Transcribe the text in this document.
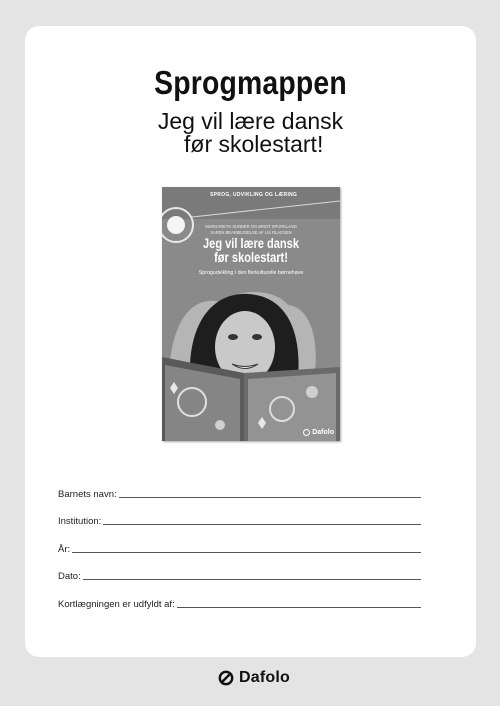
Sprogmappen
Jeg vil lære dansk
før skolestart!
SPROG, UDVIKLING OG LÆRING
MARGARETH SUNDER OG BRIGT SPURKLAND
SAREN BEARBEJDELSE AF LIS RLAGSEN
Jeg vil lære dansk
før skolestart!
Sprogudvikling i den flerkulturelle børnehave
Dafolo
Barnets navn:
Institution:
År:
Dato:
Kortlægningen er udfyldt af:
Dafolo
